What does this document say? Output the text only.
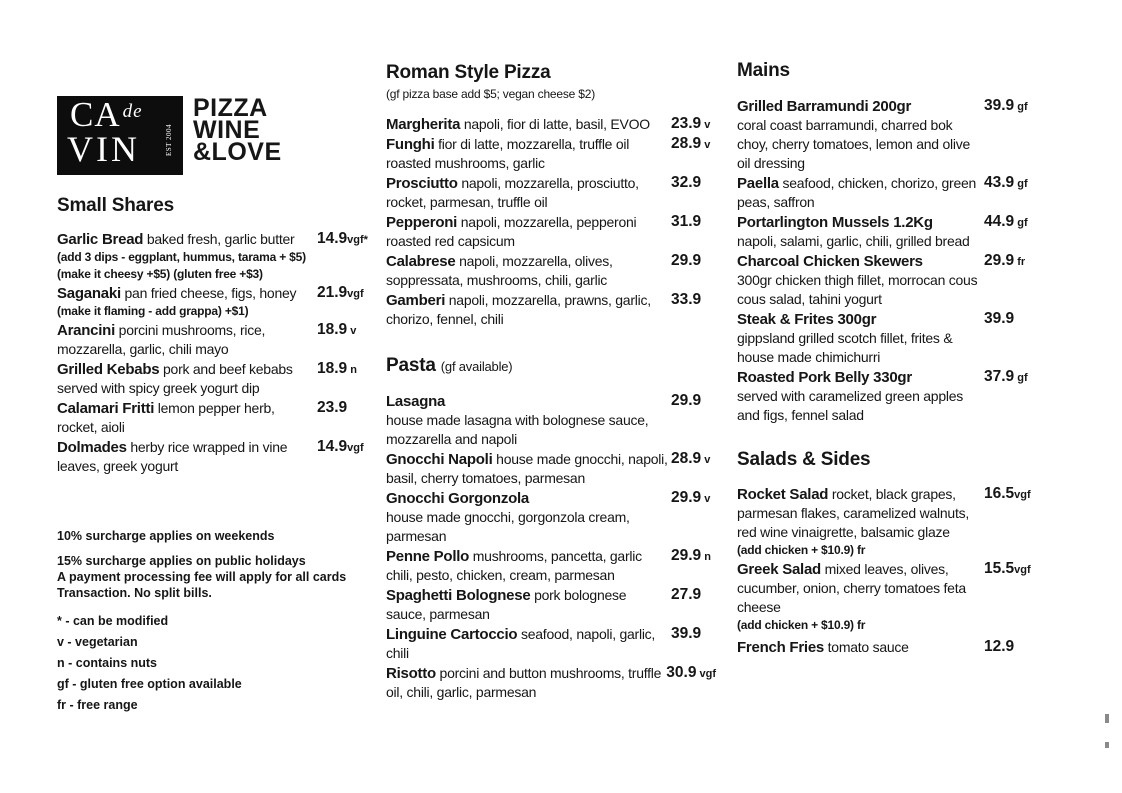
CA $^{de}$
VIN	EST 2004
PIZZA
WINE
&LOVE
Small Shares
Garlic Bread baked fresh, garlic butter	14.9vgf*
(add 3 dips - eggplant, hummus, tarama + $5)
(make it cheesy +$5) (gluten free +$3)
Saganaki pan fried cheese, figs, honey	21.9vgf
(make it flaming - add grappa) +$1)
Arancini porcini mushrooms, rice, mozzarella, garlic, chili mayo
18.9 v
Grilled Kebabs pork and beef kebabs served with spicy greek yogurt dip
18.9 n
Calamari Fritti lemon pepper herb, rocket, aioli
23.9
Dolmades herby rice wrapped in vine leaves, greek yogurt
14.9vgf
10% surcharge applies on weekends
15% surcharge applies on public holidays
A payment processing fee will apply for all cards Transaction. No split bills.
* - can be modified
v - vegetarian
n - contains nuts
gf - gluten free option available
fr - free range
Roman Style Pizza
(gf pizza base add $5; vegan cheese $2)
Margherita napoli, fior di latte, basil, EVOO	23.9 v
Funghi fior di latte, mozzarella, truffle oil roasted mushrooms, garlic
28.9 v
Prosciutto napoli, mozzarella, prosciutto, rocket, parmesan, truffle oil
32.9
Pepperoni napoli, mozzarella, pepperoni roasted red capsicum
31.9
Calabrese napoli, mozzarella, olives, soppressata, mushrooms, chili, garlic
29.9
Gamberi napoli, mozzarella, prawns, garlic, chorizo, fennel, chili
33.9
Pasta (gf available)
Lasagna	29.9
house made lasagna with bolognese sauce, mozzarella and napoli
Gnocchi Napoli house made gnocchi, napoli, basil, cherry tomatoes, parmesan
28.9 v
Gnocchi Gorgonzola	29.9 v
house made gnocchi, gorgonzola cream, parmesan
Penne Pollo mushrooms, pancetta, garlic chili, pesto, chicken, cream, parmesan
29.9 n
Spaghetti Bolognese pork bolognese sauce, parmesan
27.9
Linguine Cartoccio seafood, napoli, garlic, chili
39.9
Risotto porcini and button mushrooms, truffle oil, chili, garlic, parmesan
30.9 vgf
Mains
Grilled Barramundi 200gr	39.9 gf
coral coast barramundi, charred bok choy, cherry tomatoes, lemon and olive oil dressing
Paella seafood, chicken, chorizo, green peas, saffron
43.9 gf
Portarlington Mussels 1.2Kg	44.9 gf
napoli, salami, garlic, chili, grilled bread
Charcoal Chicken Skewers	29.9 fr
300gr chicken thigh fillet, morrocan cous cous salad, tahini yogurt
Steak & Frites 300gr	39.9
gippsland grilled scotch fillet, frites & house made chimichurri
Roasted Pork Belly 330gr	37.9 gf
served with caramelized green apples and figs, fennel salad
Salads & Sides
Rocket Salad rocket, black grapes, parmesan flakes, caramelized walnuts, red wine vinaigrette, balsamic glaze
16.5vgf
(add chicken + $10.9) fr
Greek Salad mixed leaves, olives, cucumber, onion, cherry tomatoes feta cheese
15.5vgf
(add chicken + $10.9) fr
French Fries tomato sauce	12.9
